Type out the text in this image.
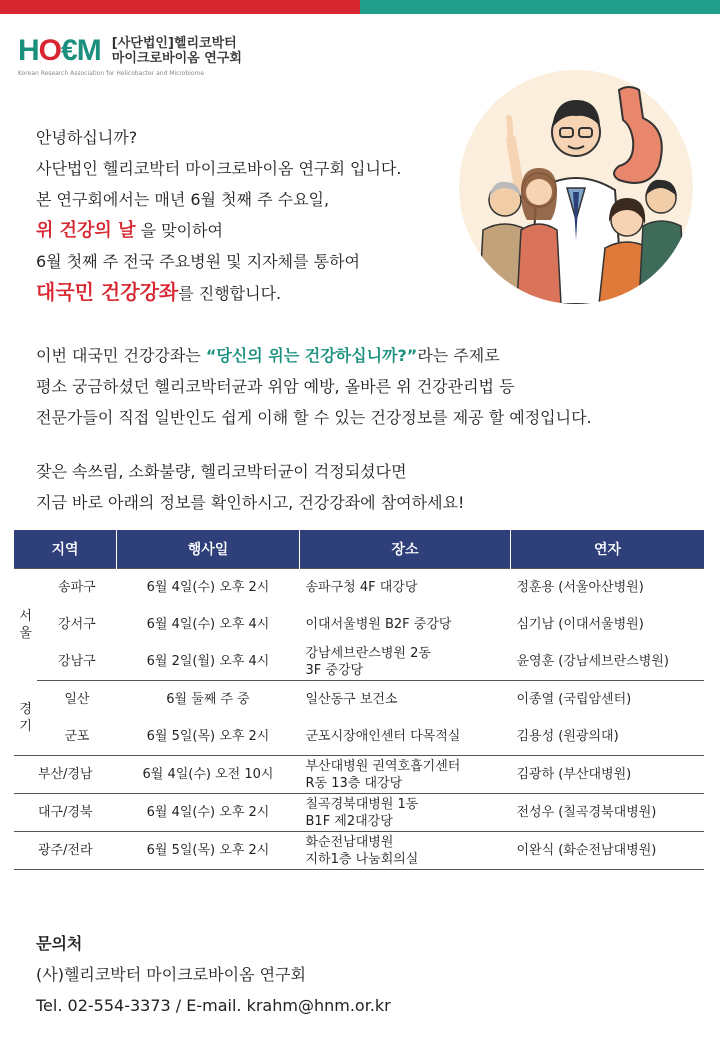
HO€M [사단법인]헬리코박터
마이크로바이옴 연구회
Korean Research Association for Helicobacter and Microbiome
안녕하십니까?
사단법인 헬리코박터 마이크로바이옴 연구회 입니다.
본 연구회에서는 매년 6월 첫째 주 수요일,
위 건강의 날 을 맞이하여
6월 첫째 주 전국 주요병원 및 지자체를 통하여
대국민 건강강좌를 진행합니다.
이번 대국민 건강강좌는 “당신의 위는 건강하십니까?”라는 주제로
평소 궁금하셨던 헬리코박터균과 위암 예방, 올바른 위 건강관리법 등
전문가들이 직접 일반인도 쉽게 이해 할 수 있는 건강정보를 제공 할 예정입니다.
잦은 속쓰림, 소화불량, 헬리코박터균이 걱정되셨다면
지금 바로 아래의 정보를 확인하시고, 건강강좌에 참여하세요!
지역		행사일	장소	연자

서
울	송파구	6월 4일(수) 오후 2시	송파구청 4F 대강당	정훈용 (서울아산병원)
	강서구	6월 4일(수) 오후 4시	이대서울병원 B2F 중강당	심기남 (이대서울병원)
	강남구	6월 2일(월) 오후 4시	강남세브란스병원 2동
3F 중강당	윤영훈 (강남세브란스병원)

경
기	일산	6월 둘째 주 중	일산동구 보건소	이종열 (국립암센터)
	군포	6월 5일(목) 오후 2시	군포시장애인센터 다목적실	김용성 (원광의대)
부산/경남		6월 4일(수) 오전 10시	부산대병원 권역호흡기센터
R동 13층 대강당	김광하 (부산대병원)
대구/경북		6월 4일(수) 오후 2시	칠곡경북대병원 1동
B1F 제2대강당	전성우 (칠곡경북대병원)
광주/전라		6월 5일(목) 오후 2시	화순전남대병원
지하1층 나눔회의실	이완식 (화순전남대병원)
문의처
(사)헬리코박터 마이크로바이옴 연구회
Tel. 02-554-3373 / E-mail. krahm@hnm.or.kr
